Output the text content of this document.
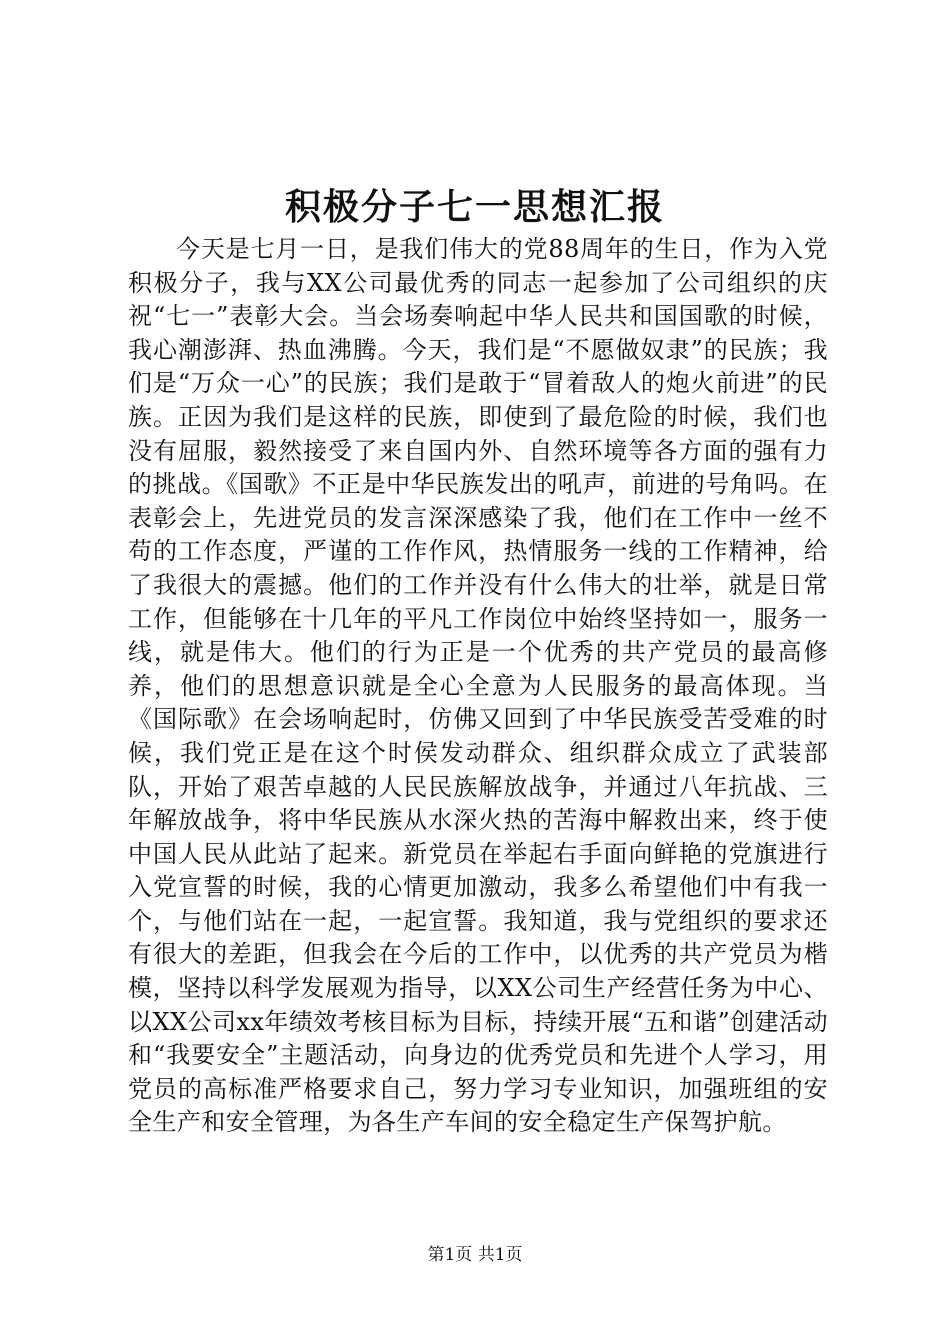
积极分子七一思想汇报

今天是七月一日，是我们伟大的党88周年的生日，作为入党积极分子，我与XX公司最优秀的同志一起参加了公司组织的庆祝“七一”表彰大会。当会场奏响起中华人民共和国国歌的时候，我心潮澎湃、热血沸腾。今天，我们是“不愿做奴隶”的民族；我们是“万众一心”的民族；我们是敢于“冒着敌人的炮火前进”的民族。正因为我们是这样的民族，即使到了最危险的时候，我们也没有屈服，毅然接受了来自国内外、自然环境等各方面的强有力的挑战。《国歌》不正是中华民族发出的吼声，前进的号角吗。在表彰会上，先进党员的发言深深感染了我，他们在工作中一丝不苟的工作态度，严谨的工作作风，热情服务一线的工作精神，给了我很大的震撼。他们的工作并没有什么伟大的壮举，就是日常工作，但能够在十几年的平凡工作岗位中始终坚持如一，服务一线，就是伟大。他们的行为正是一个优秀的共产党员的最高修养，他们的思想意识就是全心全意为人民服务的最高体现。当《国际歌》在会场响起时，仿佛又回到了中华民族受苦受难的时候，我们党正是在这个时侯发动群众、组织群众成立了武装部队，开始了艰苦卓越的人民民族解放战争，并通过八年抗战、三年解放战争，将中华民族从水深火热的苦海中解救出来，终于使中国人民从此站了起来。新党员在举起右手面向鲜艳的党旗进行入党宣誓的时候，我的心情更加激动，我多么希望他们中有我一个，与他们站在一起，一起宣誓。我知道，我与党组织的要求还有很大的差距，但我会在今后的工作中，以优秀的共产党员为楷模，坚持以科学发展观为指导，以XX公司生产经营任务为中心、以XX公司xx年绩效考核目标为目标，持续开展“五和谐”创建活动和“我要安全”主题活动，向身边的优秀党员和先进个人学习，用党员的高标准严格要求自己，努力学习专业知识，加强班组的安全生产和安全管理，为各生产车间的安全稳定生产保驾护航。

第1页 共1页
